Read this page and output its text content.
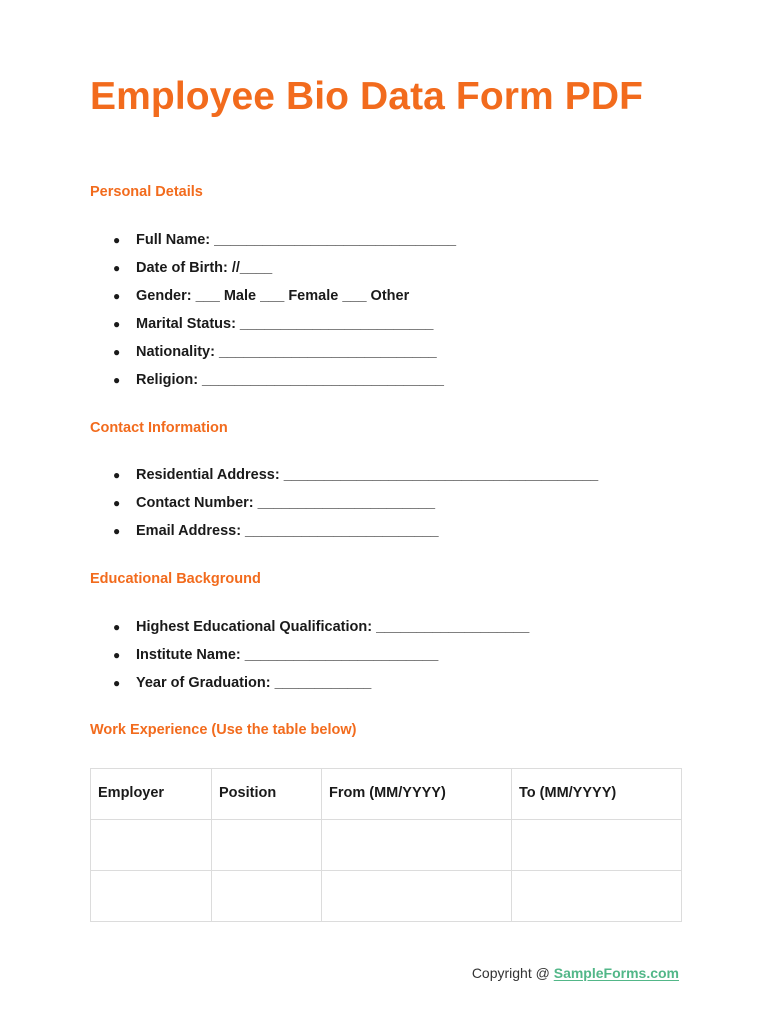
Employee Bio Data Form PDF
Personal Details
● Full Name: ______________________________
● Date of Birth: //____
● Gender: ___ Male ___ Female ___ Other
● Marital Status: ________________________
● Nationality: ___________________________
● Religion: ______________________________
Contact Information
● Residential Address: _______________________________________
● Contact Number: ______________________
● Email Address: ________________________
Educational Background
● Highest Educational Qualification: ___________________
● Institute Name: ________________________
● Year of Graduation: ____________
Work Experience (Use the table below)
Employer	Position	From (MM/YYYY)	To (MM/YYYY)

Copyright @ SampleForms.com
